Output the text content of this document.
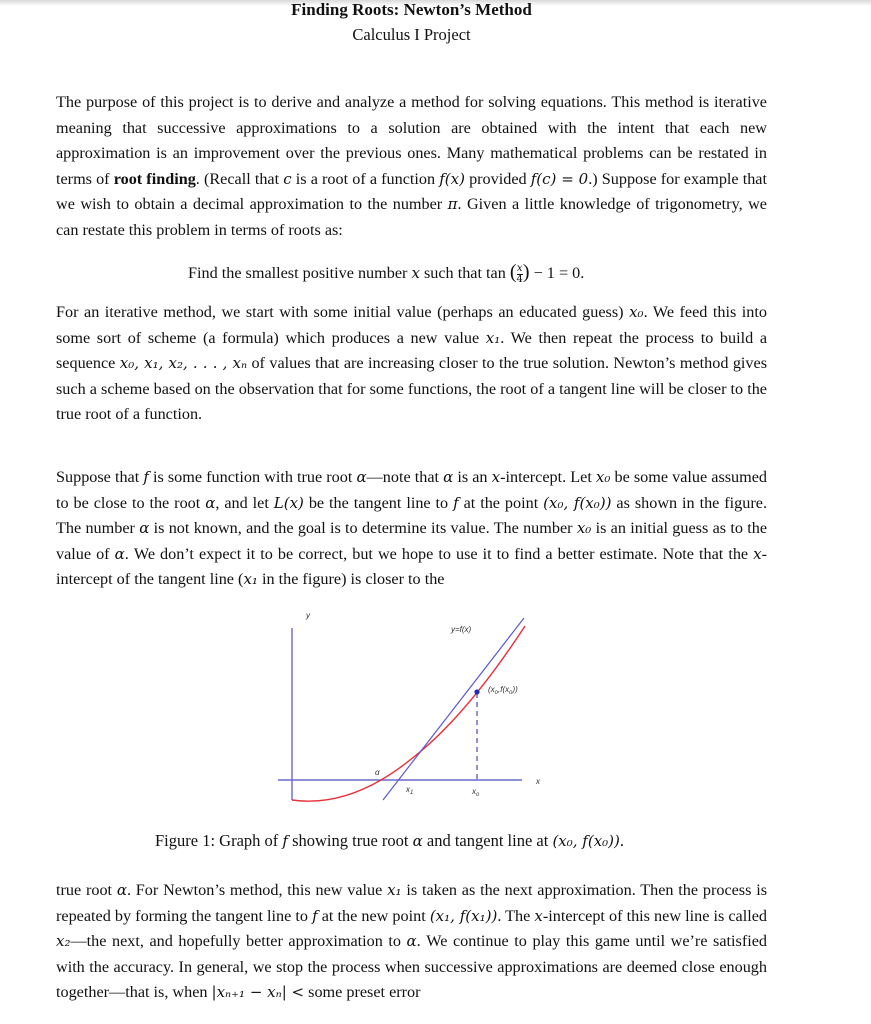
Finding Roots: Newton’s Method
Calculus I Project

The purpose of this project is to derive and analyze a method for solving equations. This method is iterative meaning that successive approximations to a solution are obtained with the intent that each new approximation is an improvement over the previous ones. Many mathematical problems can be restated in terms of root finding. (Recall that c is a root of a function f(x) provided f(c) = 0.) Suppose for example that we wish to obtain a decimal approximation to the number π. Given a little knowledge of trigonometry, we can restate this problem in terms of roots as:

Find the smallest positive number x such that tan ( $\frac{x}{4}$ ) − 1 = 0.

For an iterative method, we start with some initial value (perhaps an educated guess) x₀. We feed this into some sort of scheme (a formula) which produces a new value x₁. We then repeat the process to build a sequence x₀, x₁, x₂, . . . , xₙ of values that are increasing closer to the true solution. Newton’s method gives such a scheme based on the observation that for some functions, the root of a tangent line will be closer to the true root of a function.

Suppose that f is some function with true root α—note that α is an x-intercept. Let x₀ be some value assumed to be close to the root α, and let L(x) be the tangent line to f at the point (x₀, f(x₀)) as shown in the figure. The number α is not known, and the goal is to determine its value. The number x₀ is an initial guess as to the value of α. We don’t expect it to be correct, but we hope to use it to find a better estimate. Note that the x-intercept of the tangent line (x₁ in the figure) is closer to the

y
y=f(x)
$(x_o,f(x_o))$
α
$x_1$	$x_o$
x
Figure 1: Graph of f showing true root α and tangent line at (x₀, f(x₀)).

true root α. For Newton’s method, this new value x₁ is taken as the next approximation. Then the process is repeated by forming the tangent line to f at the new point (x₁, f(x₁)). The x-intercept of this new line is called x₂—the next, and hopefully better approximation to α. We continue to play this game until we’re satisfied with the accuracy. In general, we stop the process when successive approximations are deemed close enough together—that is, when |xₙ₊₁ − xₙ| < some preset error
